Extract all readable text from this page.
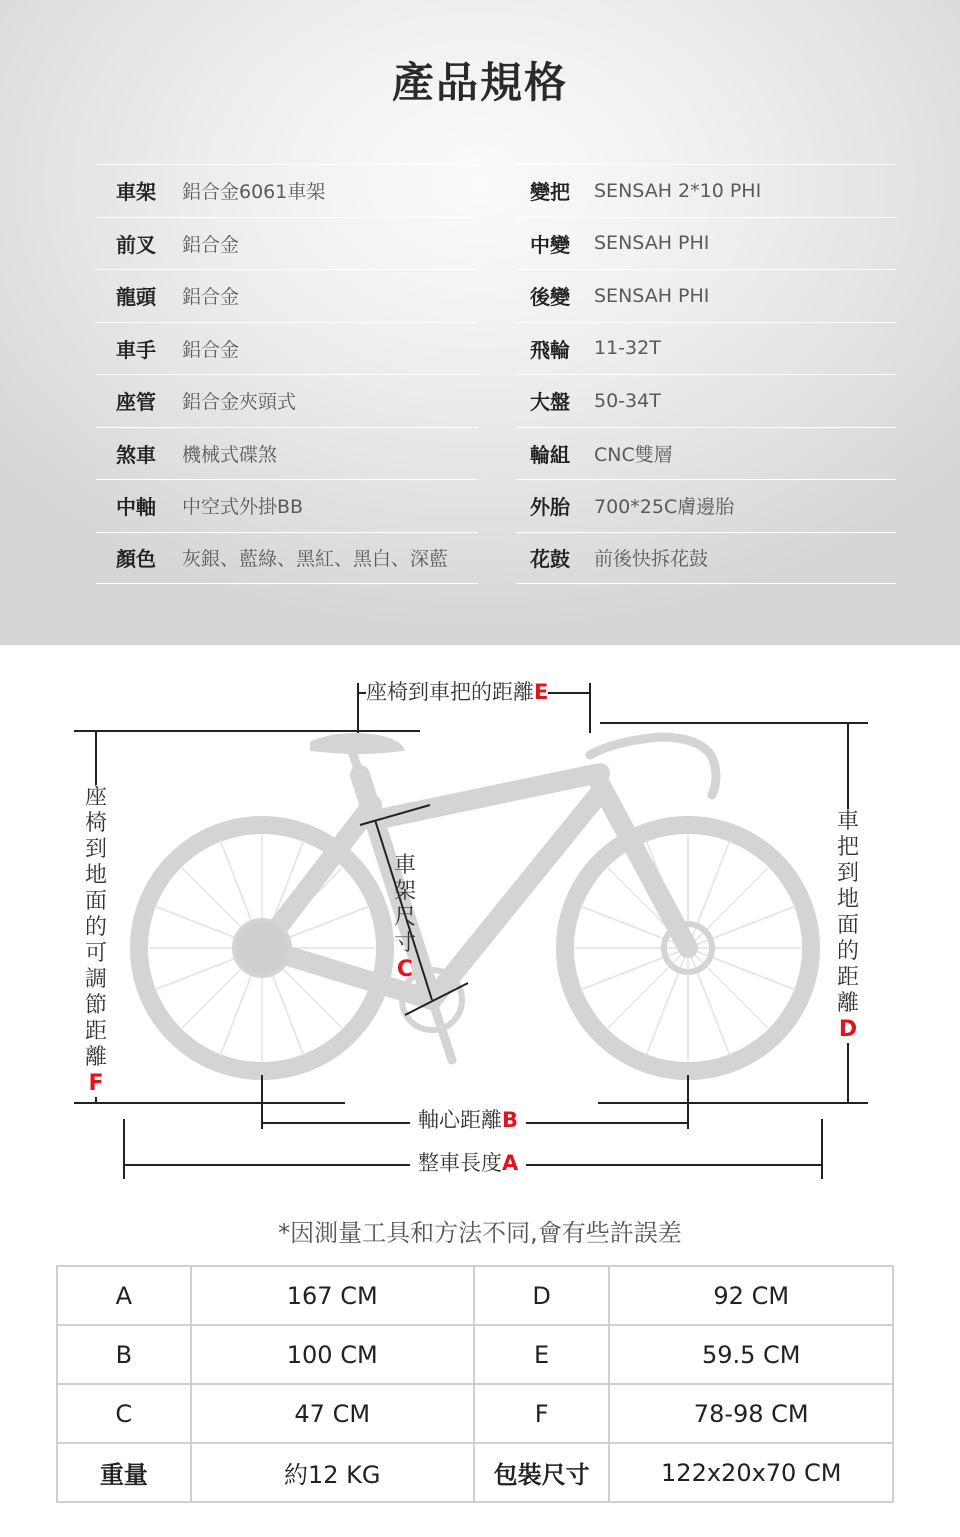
產品規格
車架	鋁合金6061車架
前叉	鋁合金
龍頭	鋁合金
車手	鋁合金
座管	鋁合金夾頭式
煞車	機械式碟煞
中軸	中空式外掛BB
顏色	灰銀、藍綠、黑紅、黑白、深藍
變把	SENSAH 2*10 PHI
中變	SENSAH PHI
後變	SENSAH PHI
飛輪	11-32T
大盤	50-34T
輪組	CNC雙層
外胎	700*25C膚邊胎
花鼓	前後快拆花鼓
座椅到車把的距離E
座椅到地面的可調節距離F
車把到地面的距離D
車架尺寸C
軸心距離B
整車長度A

*因測量工具和方法不同,會有些許誤差

A	167 CM	D	92 CM
B	100 CM	E	59.5 CM
C	47 CM	F	78-98 CM
重量	約12 KG	包裝尺寸	122x20x70 CM
